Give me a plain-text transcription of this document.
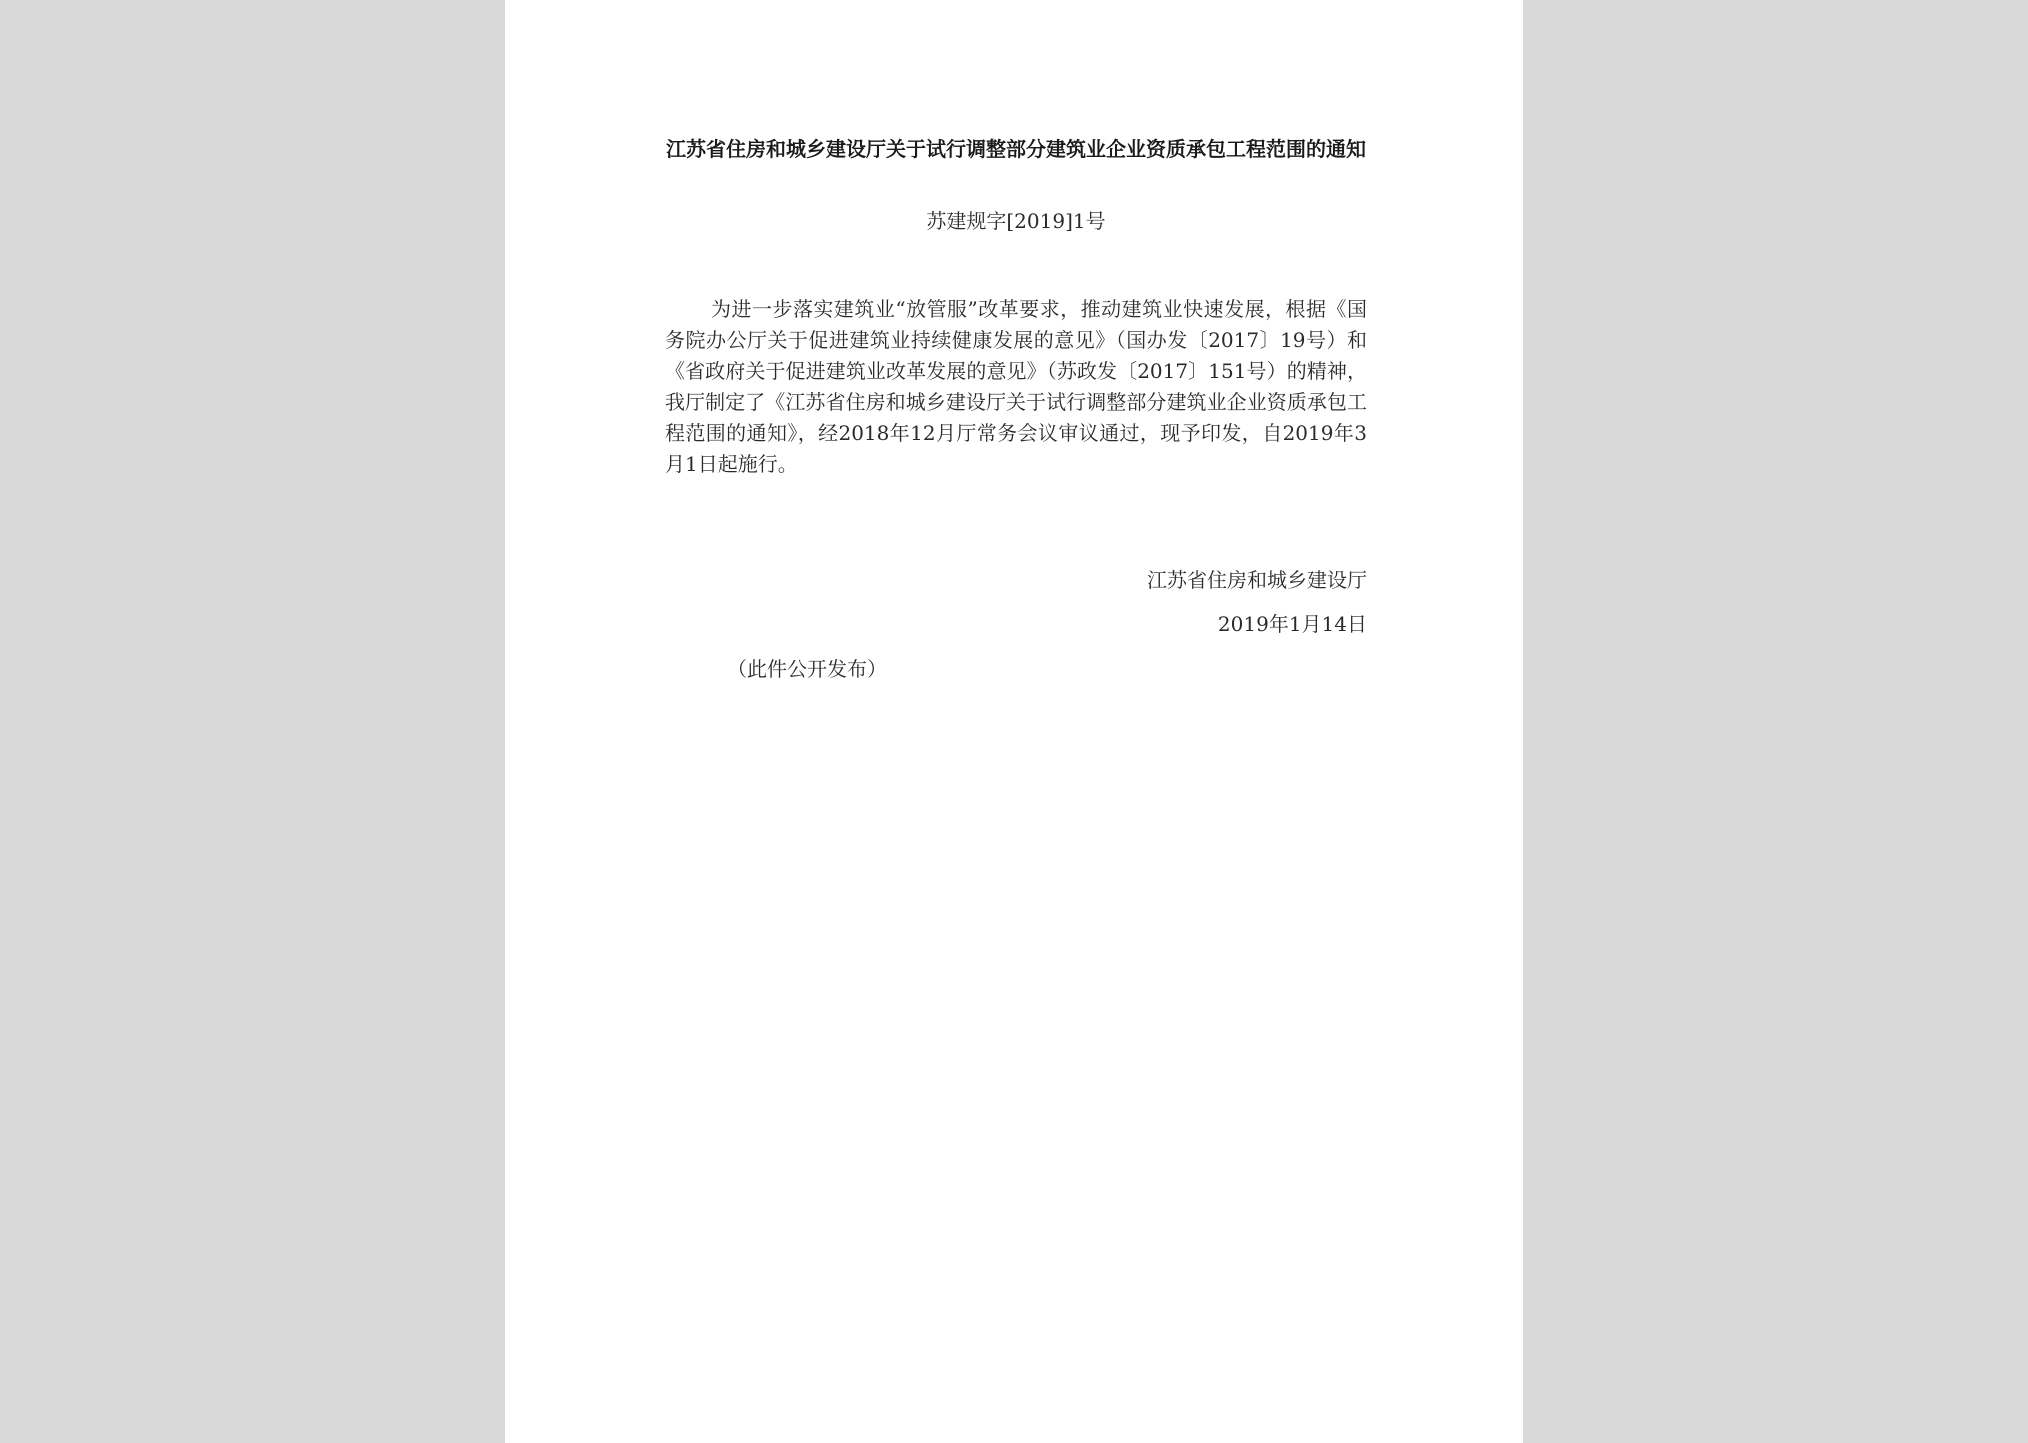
江苏省住房和城乡建设厅关于试行调整部分建筑业企业资质承包工程范围的通知
苏建规字[2019]1号

为进一步落实建筑业“放管服”改革要求，推动建筑业快速发展，根据《国务院办公厅关于促进建筑业持续健康发展的意见》（国办发〔2017〕19号）和《省政府关于促进建筑业改革发展的意见》（苏政发〔2017〕151号）的精神，我厅制定了《江苏省住房和城乡建设厅关于试行调整部分建筑业企业资质承包工程范围的通知》，经2018年12月厅常务会议审议通过，现予印发，自2019年3月1日起施行。

江苏省住房和城乡建设厅
2019年1月14日
（此件公开发布）
